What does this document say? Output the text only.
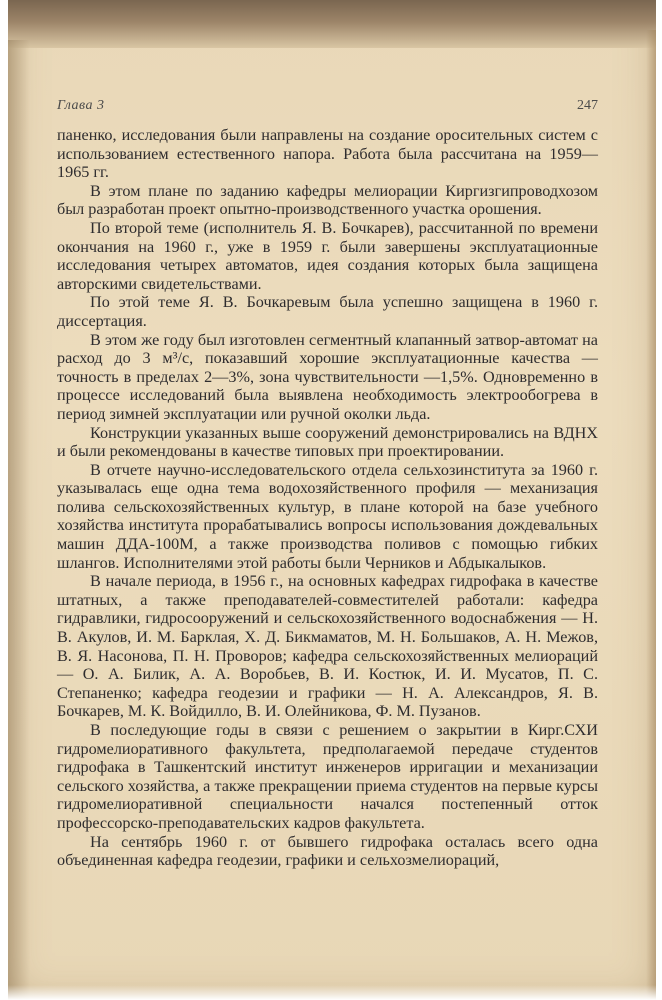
Глава 3	247

паненко, исследования были направлены на создание оросительных систем с использованием естественного напора. Работа была рассчитана на 1959—1965 гг.

В этом плане по заданию кафедры мелиорации Киргизгипроводхозом был разработан проект опытно-производственного участка орошения.

По второй теме (исполнитель Я. В. Бочкарев), рассчитанной по времени окончания на 1960 г., уже в 1959 г. были завершены эксплуатационные исследования четырех автоматов, идея создания которых была защищена авторскими свидетельствами.

По этой теме Я. В. Бочкаревым была успешно защищена в 1960 г. диссертация.

В этом же году был изготовлен сегментный клапанный затвор-автомат на расход до 3 м³/с, показавший хорошие эксплуатационные качества — точность в пределах 2—3%, зона чувствительности —1,5%. Одновременно в процессе исследований была выявлена необходимость электрообогрева в период зимней эксплуатации или ручной околки льда.

Конструкции указанных выше сооружений демонстрировались на ВДНХ и были рекомендованы в качестве типовых при проектировании.

В отчете научно-исследовательского отдела сельхозинститута за 1960 г. указывалась еще одна тема водохозяйственного профиля — механизация полива сельскохозяйственных культур, в плане которой на базе учебного хозяйства института прорабатывались вопросы использования дождевальных машин ДДА-100М, а также производства поливов с помощью гибких шлангов. Исполнителями этой работы были Черников и Абдыкалыков.

В начале периода, в 1956 г., на основных кафедрах гидрофака в качестве штатных, а также преподавателей-совместителей работали: кафедра гидравлики, гидросооружений и сельскохозяйственного водоснабжения — Н. В. Акулов, И. М. Барклая, Х. Д. Бикмаматов, М. Н. Большаков, А. Н. Межов, В. Я. Насонова, П. Н. Проворов; кафедра сельскохозяйственных мелиораций — О. А. Билик, А. А. Воробьев, В. И. Костюк, И. И. Мусатов, П. С. Степаненко; кафедра геодезии и графики — Н. А. Александров, Я. В. Бочкарев, М. К. Войдилло, В. И. Олейникова, Ф. М. Пузанов.

В последующие годы в связи с решением о закрытии в Кирг.СХИ гидромелиоративного факультета, предполагаемой передаче студентов гидрофака в Ташкентский институт инженеров ирригации и механизации сельского хозяйства, а также прекращении приема студентов на первые курсы гидромелиоративной специальности начался постепенный отток профессорско-преподавательских кадров факультета.

На сентябрь 1960 г. от бывшего гидрофака осталась всего одна объединенная кафедра геодезии, графики и сельхозмелиораций,
